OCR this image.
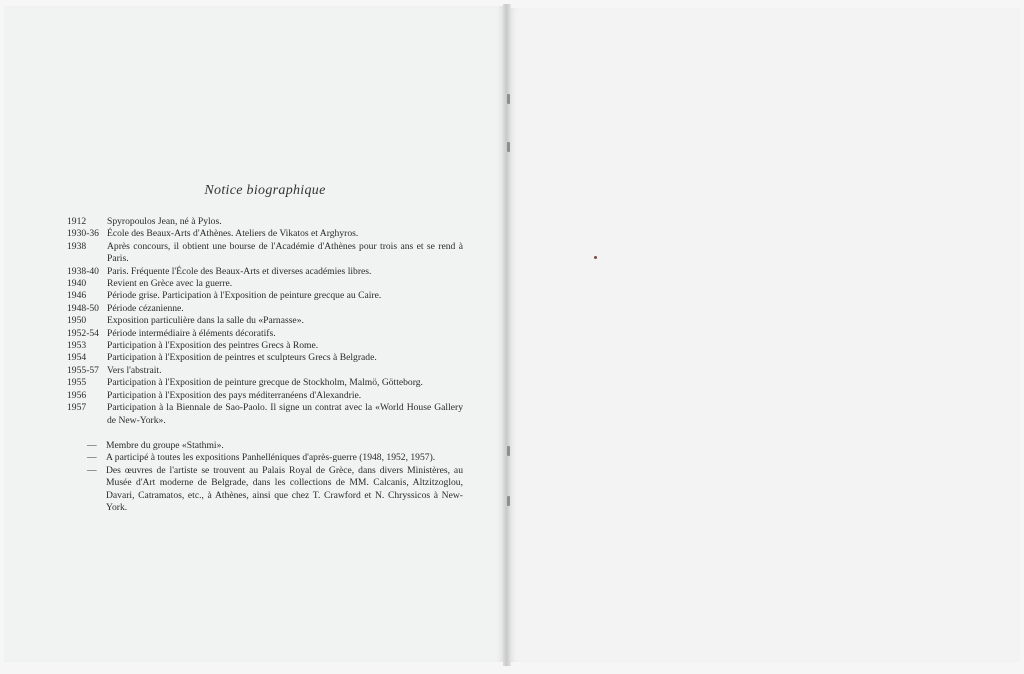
Notice biographique
1912	Spyropoulos Jean, né à Pylos.
1930-36 École des Beaux-Arts d'Athènes. Ateliers de Vikatos et Arghyros.
1938	Après concours, il obtient une bourse de l'Académie d'Athènes pour trois ans et se rend à Paris.
1938-40 Paris. Fréquente l'École des Beaux-Arts et diverses académies libres.
1940	Revient en Grèce avec la guerre.
1946	Période grise. Participation à l'Exposition de peinture grecque au Caire.
1948-50 Période cézanienne.
1950	Exposition particulière dans la salle du «Parnasse».
1952-54 Période intermédiaire à éléments décoratifs.
1953	Participation à l'Exposition des peintres Grecs à Rome.
1954	Participation à l'Exposition de peintres et sculpteurs Grecs à Belgrade.
1955-57 Vers l'abstrait.
1955	Participation à l'Exposition de peinture grecque de Stockholm, Malmö, Götteborg.
1956	Participation à l'Exposition des pays méditerranéens d'Alexandrie.
1957	Participation à la Biennale de Sao-Paolo. Il signe un contrat avec la «World House Gallery de New-York».
— Membre du groupe «Stathmi».
— A participé à toutes les expositions Panhelléniques d'après-guerre (1948, 1952, 1957).
— Des œuvres de l'artiste se trouvent au Palais Royal de Grèce, dans divers Ministères, au Musée d'Art moderne de Belgrade, dans les collections de MM. Calcanis, Altzitzoglou, Davari, Catramatos, etc., à Athènes, ainsi que chez T. Crawford et N. Chryssicos à New-York.
